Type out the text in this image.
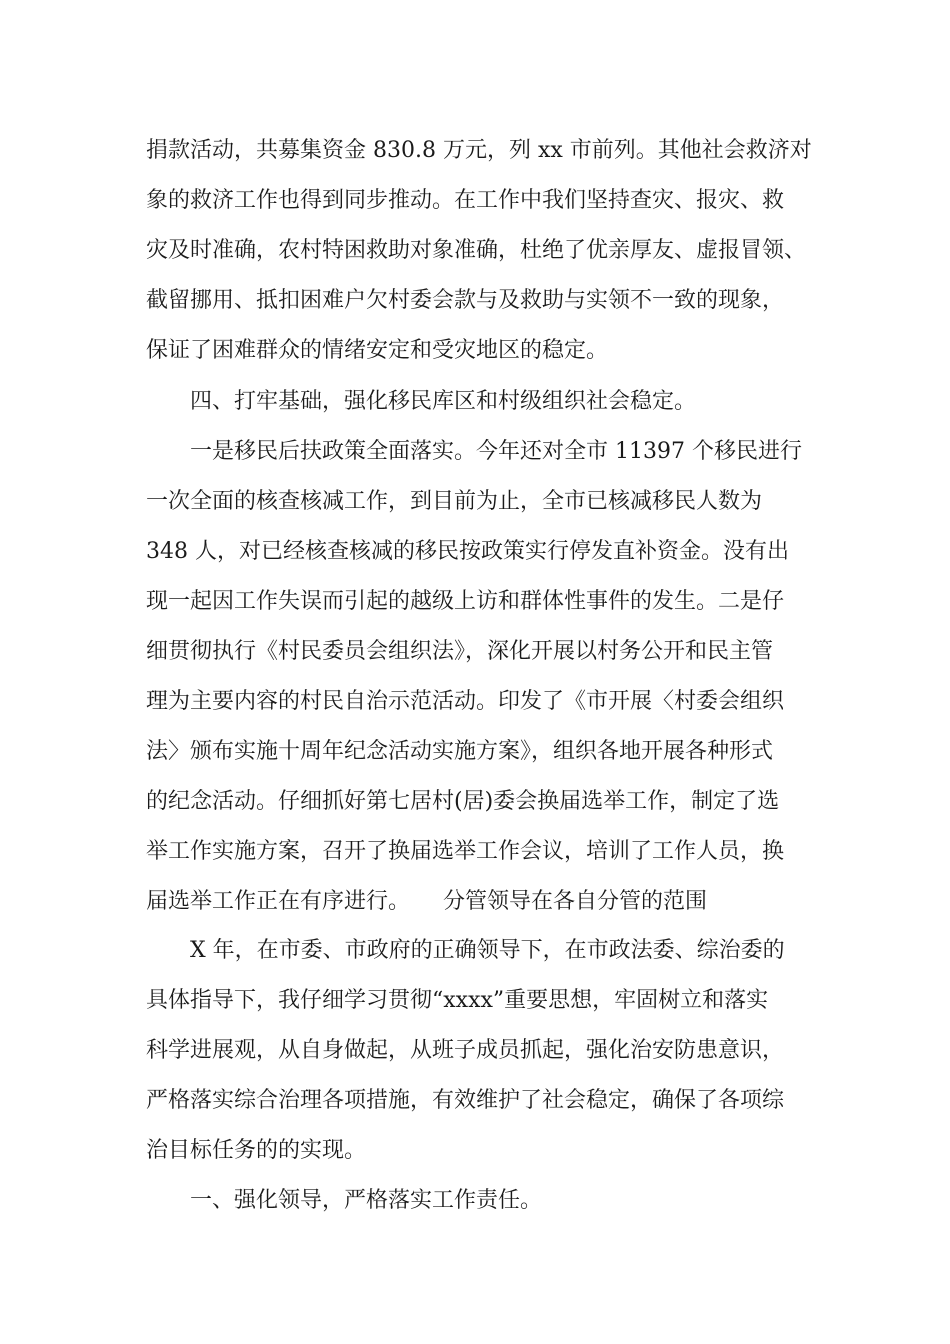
捐款活动，共募集资金 830.8 万元，列 xx 市前列。其他社会救济对
象的救济工作也得到同步推动。在工作中我们坚持查灾、报灾、救
灾及时准确，农村特困救助对象准确，杜绝了优亲厚友、虚报冒领、
截留挪用、抵扣困难户欠村委会款与及救助与实领不一致的现象，
保证了困难群众的情绪安定和受灾地区的稳定。
四、打牢基础，强化移民库区和村级组织社会稳定。
一是移民后扶政策全面落实。今年还对全市 11397 个移民进行
一次全面的核查核减工作，到目前为止，全市已核减移民人数为
348 人，对已经核查核减的移民按政策实行停发直补资金。没有出
现一起因工作失误而引起的越级上访和群体性事件的发生。二是仔
细贯彻执行《村民委员会组织法》，深化开展以村务公开和民主管
理为主要内容的村民自治示范活动。印发了《市开展〈村委会组织
法〉颁布实施十周年纪念活动实施方案》，组织各地开展各种形式
的纪念活动。仔细抓好第七居村(居)委会换届选举工作，制定了选
举工作实施方案，召开了换届选举工作会议，培训了工作人员，换
届选举工作正在有序进行。　　分管领导在各自分管的范围
X 年，在市委、市政府的正确领导下，在市政法委、综治委的
具体指导下，我仔细学习贯彻“xxxx”重要思想，牢固树立和落实
科学进展观，从自身做起，从班子成员抓起，强化治安防患意识，
严格落实综合治理各项措施，有效维护了社会稳定，确保了各项综
治目标任务的的实现。
一、强化领导，严格落实工作责任。
